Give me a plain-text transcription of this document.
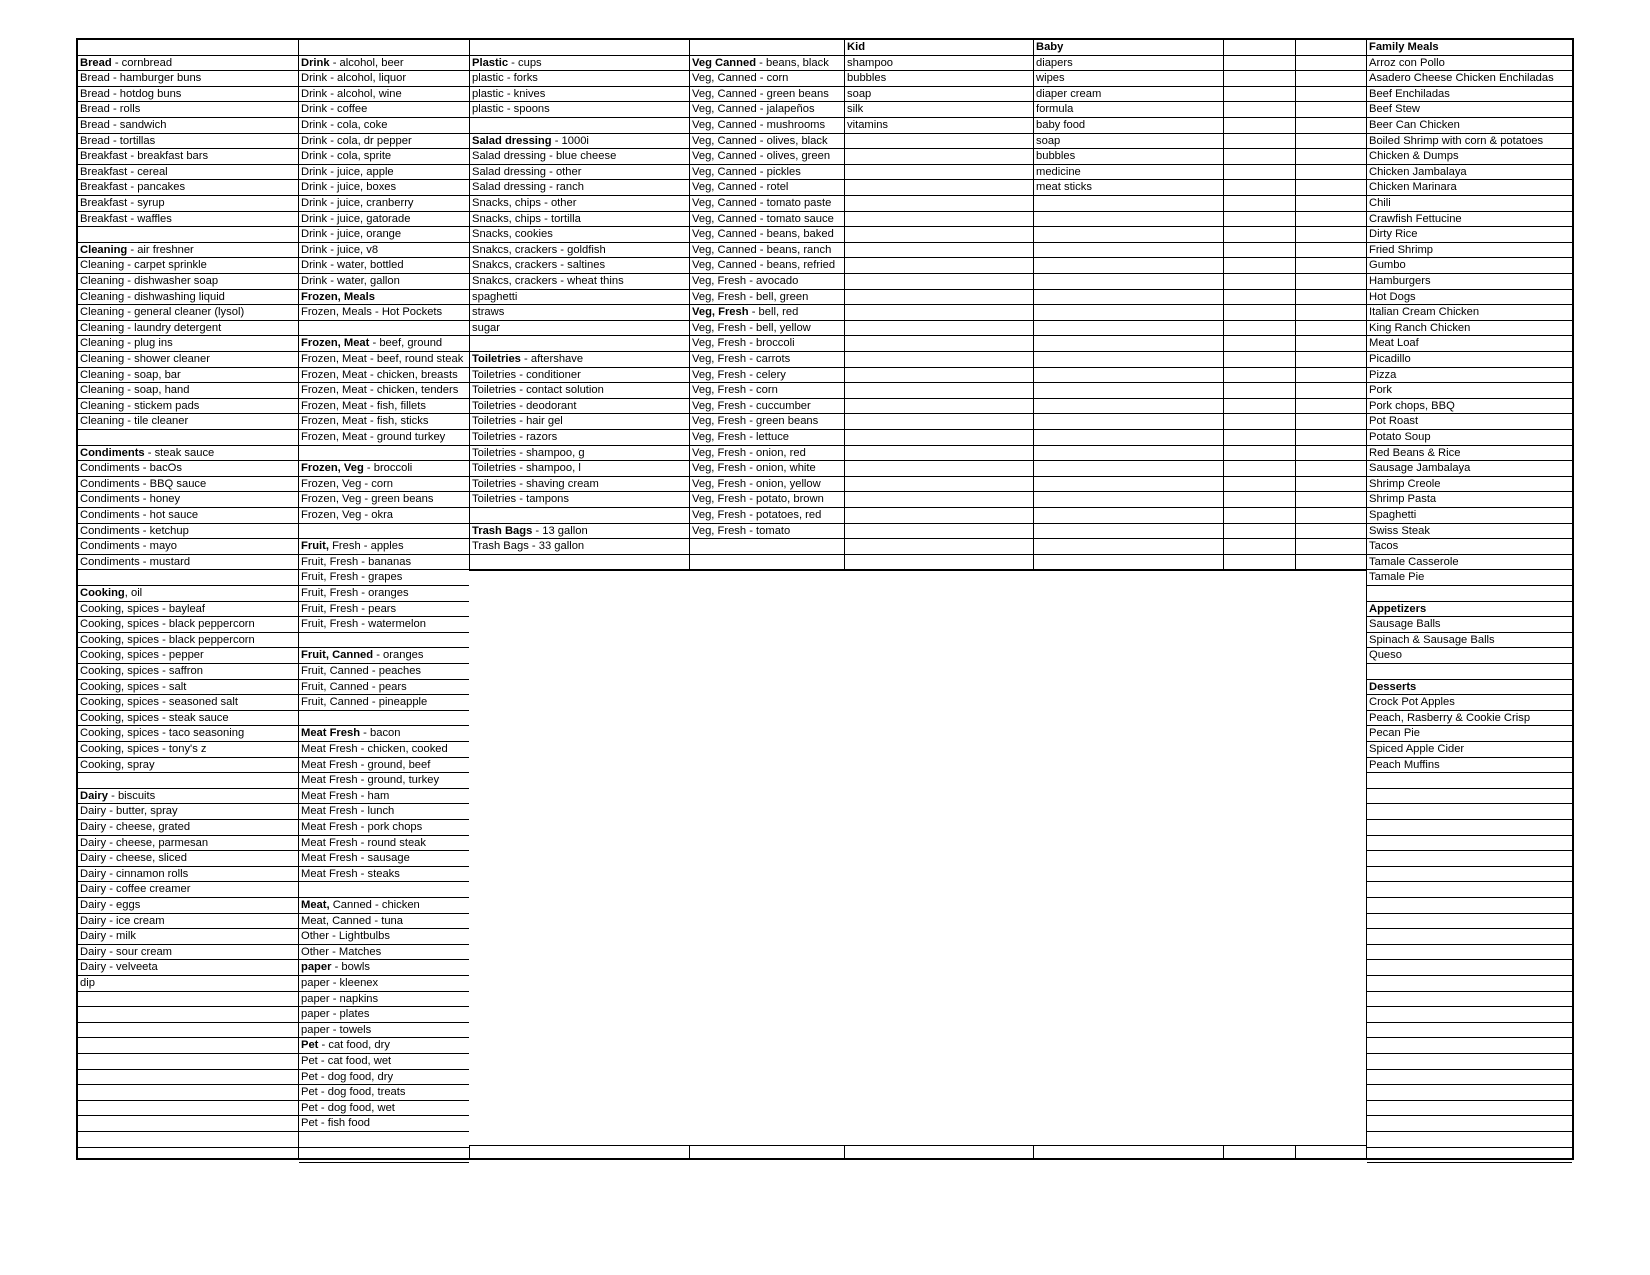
Bread - cornbread
Bread - hamburger buns
Bread - hotdog buns
Bread - rolls
Bread - sandwich
Bread - tortillas
Breakfast - breakfast bars
Breakfast - cereal
Breakfast - pancakes
Breakfast - syrup
Breakfast - waffles
Cleaning - air freshner
Cleaning - carpet sprinkle
Cleaning - dishwasher soap
Cleaning - dishwashing liquid
Cleaning - general cleaner (lysol)
Cleaning - laundry detergent
Cleaning - plug ins
Cleaning - shower cleaner
Cleaning - soap, bar
Cleaning - soap, hand
Cleaning - stickem pads
Cleaning - tile cleaner
Condiments - steak sauce
Condiments - bacOs
Condiments - BBQ sauce
Condiments - honey
Condiments - hot sauce
Condiments - ketchup
Condiments - mayo
Condiments - mustard
Cooking, oil
Cooking, spices - bayleaf
Cooking, spices - black peppercorn
Cooking, spices - black peppercorn
Cooking, spices - pepper
Cooking, spices - saffron
Cooking, spices - salt
Cooking, spices - seasoned salt
Cooking, spices - steak sauce
Cooking, spices - taco seasoning
Cooking, spices - tony's z
Cooking, spray
Dairy - biscuits
Dairy - butter, spray
Dairy - cheese, grated
Dairy - cheese, parmesan
Dairy - cheese, sliced
Dairy - cinnamon rolls
Dairy - coffee creamer
Dairy - eggs
Dairy - ice cream
Dairy - milk
Dairy - sour cream
Dairy - velveeta
dip
Drink - alcohol, beer
Drink - alcohol, liquor
Drink - alcohol, wine
Drink - coffee
Drink - cola, coke
Drink - cola, dr pepper
Drink - cola, sprite
Drink - juice, apple
Drink - juice, boxes
Drink - juice, cranberry
Drink - juice, gatorade
Drink - juice, orange
Drink - juice, v8
Drink - water, bottled
Drink - water, gallon
Frozen, Meals
Frozen, Meals - Hot Pockets
Frozen, Meat - beef, ground
Frozen, Meat - beef, round steak
Frozen, Meat - chicken, breasts
Frozen, Meat - chicken, tenders
Frozen, Meat - fish, fillets
Frozen, Meat - fish, sticks
Frozen, Meat - ground turkey
Frozen, Veg - broccoli
Frozen, Veg - corn
Frozen, Veg - green beans
Frozen, Veg - okra
Fruit, Fresh - apples
Fruit, Fresh - bananas
Fruit, Fresh - grapes
Fruit, Fresh - oranges
Fruit, Fresh - pears
Fruit, Fresh - watermelon
Fruit, Canned - oranges
Fruit, Canned - peaches
Fruit, Canned - pears
Fruit, Canned - pineapple
Meat Fresh - bacon
Meat Fresh - chicken, cooked
Meat Fresh - ground, beef
Meat Fresh - ground, turkey
Meat Fresh - ham
Meat Fresh - lunch
Meat Fresh - pork chops
Meat Fresh - round steak
Meat Fresh - sausage
Meat Fresh - steaks
Meat, Canned - chicken
Meat, Canned - tuna
Other - Lightbulbs
Other - Matches
paper - bowls
paper - kleenex
paper - napkins
paper - plates
paper - towels
Pet - cat food, dry
Pet - cat food, wet
Pet - dog food, dry
Pet - dog food, treats
Pet - dog food, wet
Pet - fish food
Plastic - cups
plastic - forks
plastic - knives
plastic - spoons
Salad dressing - 1000i
Salad dressing - blue cheese
Salad dressing - other
Salad dressing - ranch
Snacks, chips - other
Snacks, chips - tortilla
Snacks, cookies
Snakcs, crackers - goldfish
Snakcs, crackers - saltines
Snakcs, crackers - wheat thins
spaghetti
straws
sugar
Toiletries - aftershave
Toiletries - conditioner
Toiletries - contact solution
Toiletries - deodorant
Toiletries - hair gel
Toiletries - razors
Toiletries - shampoo, g
Toiletries - shampoo, l
Toiletries - shaving cream
Toiletries - tampons
Trash Bags - 13 gallon
Trash Bags - 33 gallon
Veg Canned - beans, black
Veg, Canned - corn
Veg, Canned - green beans
Veg, Canned - jalapeños
Veg, Canned - mushrooms
Veg, Canned - olives, black
Veg, Canned - olives, green
Veg, Canned - pickles
Veg, Canned - rotel
Veg, Canned - tomato paste
Veg, Canned - tomato sauce
Veg, Canned - beans, baked
Veg, Canned - beans, ranch
Veg, Canned - beans, refried
Veg, Fresh - avocado
Veg, Fresh - bell, green
Veg, Fresh - bell, red
Veg, Fresh - bell, yellow
Veg, Fresh - broccoli
Veg, Fresh - carrots
Veg, Fresh - celery
Veg, Fresh - corn
Veg, Fresh - cuccumber
Veg, Fresh - green beans
Veg, Fresh - lettuce
Veg, Fresh - onion, red
Veg, Fresh - onion, white
Veg, Fresh - onion, yellow
Veg, Fresh - potato, brown
Veg, Fresh - potatoes, red
Veg, Fresh - tomato
Kid
shampoo
bubbles
soap
silk
vitamins
Baby
diapers
wipes
diaper cream
formula
baby food
soap
bubbles
medicine
meat sticks
Family Meals
Arroz con Pollo
Asadero Cheese Chicken Enchiladas
Beef Enchiladas
Beef Stew
Beer Can Chicken
Boiled Shrimp with corn & potatoes
Chicken & Dumps
Chicken Jambalaya
Chicken Marinara
Chili
Crawfish Fettucine
Dirty Rice
Fried Shrimp
Gumbo
Hamburgers
Hot Dogs
Italian Cream Chicken
King Ranch Chicken
Meat Loaf
Picadillo
Pizza
Pork
Pork chops, BBQ
Pot Roast
Potato Soup
Red Beans & Rice
Sausage Jambalaya
Shrimp Creole
Shrimp Pasta
Spaghetti
Swiss Steak
Tacos
Tamale Casserole
Tamale Pie
Appetizers
Sausage Balls
Spinach & Sausage Balls
Queso
Desserts
Crock Pot Apples
Peach, Rasberry & Cookie Crisp
Pecan Pie
Spiced Apple Cider
Peach Muffins
